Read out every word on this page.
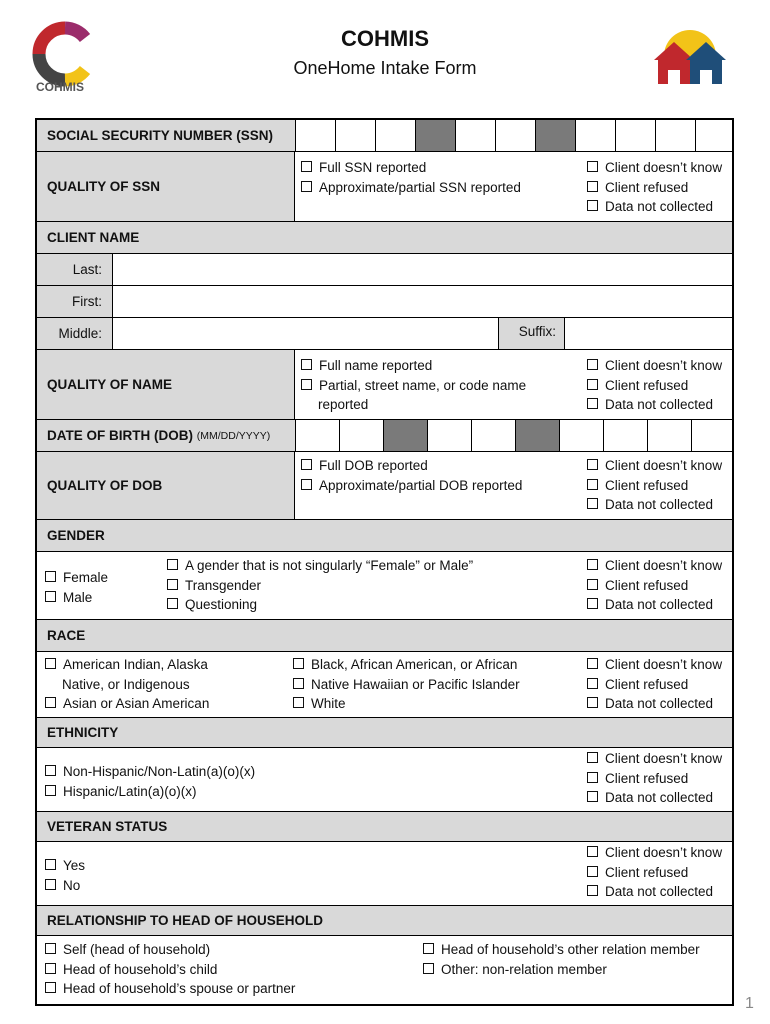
COHMIS
COHMIS
OneHome Intake Form
SOCIAL SECURITY NUMBER (SSN)
QUALITY OF SSN
Full SSN reported
Approximate/partial SSN reported
Client doesn’t know
Client refused
Data not collected
CLIENT NAME
Last:
First:
Middle:	Suffix:
QUALITY OF NAME
Full name reported
Partial, street name, or code name
reported
Client doesn’t know
Client refused
Data not collected
DATE OF BIRTH (DOB)
(MM/DD/YYYY)
QUALITY OF DOB
Full DOB reported
Approximate/partial DOB reported
Client doesn’t know
Client refused
Data not collected
GENDER
Female
Male
A gender that is not singularly “Female” or Male”
Transgender
Questioning
Client doesn’t know
Client refused
Data not collected
RACE
American Indian, Alaska
Native, or Indigenous
Asian or Asian American
Black, African American, or African
Native Hawaiian or Pacific Islander
White
Client doesn’t know
Client refused
Data not collected
ETHNICITY
Non-Hispanic/Non-Latin(a)(o)(x)
Hispanic/Latin(a)(o)(x)
Client doesn’t know
Client refused
Data not collected
VETERAN STATUS
Yes
No
Client doesn’t know
Client refused
Data not collected
RELATIONSHIP TO HEAD OF HOUSEHOLD
Self (head of household)
Head of household’s child
Head of household’s spouse or partner
Head of household’s other relation member
Other: non-relation member
1
